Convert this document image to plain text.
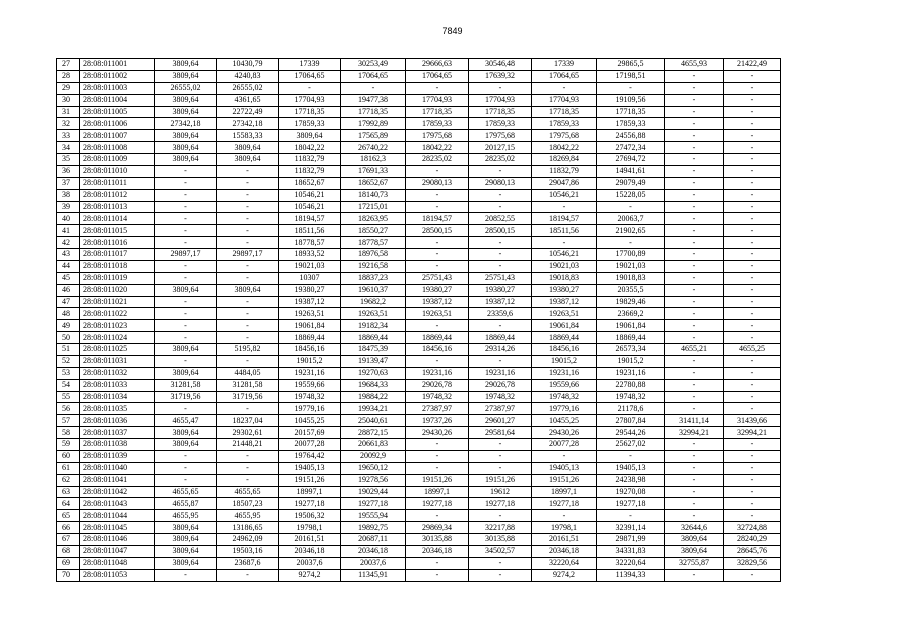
7849
27	28:08:011001	3809,64	10430,79	17339	30253,49	29666,63	30546,48	17339	29865,5	4655,93	21422,49
28	28:08:011002	3809,64	4240,83	17064,65	17064,65	17064,65	17639,32	17064,65	17198,51	-	-
29	28:08:011003	26555,02	26555,02	-	-	-	-	-	-	-	-
30	28:08:011004	3809,64	4361,65	17704,93	19477,38	17704,93	17704,93	17704,93	19109,56	-	-
31	28:08:011005	3809,64	22722,49	17718,35	17718,35	17718,35	17718,35	17718,35	17718,35	-	-
32	28:08:011006	27342,18	27342,18	17859,33	17992,89	17859,33	17859,33	17859,33	17859,33	-	-
33	28:08:011007	3809,64	15583,33	3809,64	17565,89	17975,68	17975,68	17975,68	24556,88	-	-
34	28:08:011008	3809,64	3809,64	18042,22	26740,22	18042,22	20127,15	18042,22	27472,34	-	-
35	28:08:011009	3809,64	3809,64	11832,79	18162,3	28235,02	28235,02	18269,84	27694,72	-	-
36	28:08:011010	-	-	11832,79	17691,33	-	-	11832,79	14941,61	-	-
37	28:08:011011	-	-	18652,67	18652,67	29080,13	29080,13	29047,86	29079,49	-	-
38	28:08:011012	-	-	10546,21	18140,73	-	-	10546,21	15228,05	-	-
39	28:08:011013	-	-	10546,21	17215,01	-	-	-	-	-	-
40	28:08:011014	-	-	18194,57	18263,95	18194,57	20852,55	18194,57	20063,7	-	-
41	28:08:011015	-	-	18511,56	18550,27	28500,15	28500,15	18511,56	21902,65	-	-
42	28:08:011016	-	-	18778,57	18778,57	-	-	-	-	-	-
43	28:08:011017	29897,17	29897,17	18933,52	18976,58	-	-	10546,21	17700,89	-	-
44	28:08:011018	-	-	19021,03	19216,58	-	-	19021,03	19021,03	-	-
45	28:08:011019	-	-	10307	18837,23	25751,43	25751,43	19018,83	19018,83	-	-
46	28:08:011020	3809,64	3809,64	19380,27	19610,37	19380,27	19380,27	19380,27	20355,5	-	-
47	28:08:011021	-	-	19387,12	19682,2	19387,12	19387,12	19387,12	19829,46	-	-
48	28:08:011022	-	-	19263,51	19263,51	19263,51	23359,6	19263,51	23669,2	-	-
49	28:08:011023	-	-	19061,84	19182,34	-	-	19061,84	19061,84	-	-
50	28:08:011024	-	-	18869,44	18869,44	18869,44	18869,44	18869,44	18869,44	-	-
51	28:08:011025	3809,64	5195,82	18456,16	18475,39	18456,16	29314,26	18456,16	26573,34	4655,21	4655,25
52	28:08:011031	-	-	19015,2	19139,47	-	-	19015,2	19015,2	-	-
53	28:08:011032	3809,64	4484,05	19231,16	19270,63	19231,16	19231,16	19231,16	19231,16	-	-
54	28:08:011033	31281,58	31281,58	19559,66	19684,33	29026,78	29026,78	19559,66	22780,88	-	-
55	28:08:011034	31719,56	31719,56	19748,32	19884,22	19748,32	19748,32	19748,32	19748,32	-	-
56	28:08:011035	-	-	19779,16	19934,21	27387,97	27387,97	19779,16	21178,6	-	-
57	28:08:011036	4655,47	18237,04	10455,25	25040,61	19737,26	29601,27	10455,25	27807,84	31411,14	31439,66
58	28:08:011037	3809,64	29302,61	20157,69	28872,15	29430,26	29581,64	29430,26	29544,26	32994,21	32994,21
59	28:08:011038	3809,64	21448,21	20077,28	20661,83	-	-	20077,28	25627,02	-	-
60	28:08:011039	-	-	19764,42	20092,9	-	-	-	-	-	-
61	28:08:011040	-	-	19405,13	19650,12	-	-	19405,13	19405,13	-	-
62	28:08:011041	-	-	19151,26	19278,56	19151,26	19151,26	19151,26	24238,98	-	-
63	28:08:011042	4655,65	4655,65	18997,1	19029,44	18997,1	19612	18997,1	19270,08	-	-
64	28:08:011043	4655,87	18507,23	19277,18	19277,18	19277,18	19277,18	19277,18	19277,18	-	-
65	28:08:011044	4655,95	4655,95	19506,32	19555,94	-	-	-	-	-	-
66	28:08:011045	3809,64	13186,65	19798,1	19892,75	29869,34	32217,88	19798,1	32391,14	32644,6	32724,88
67	28:08:011046	3809,64	24962,09	20161,51	20687,11	30135,88	30135,88	20161,51	29871,99	3809,64	28240,29
68	28:08:011047	3809,64	19503,16	20346,18	20346,18	20346,18	34502,57	20346,18	34331,83	3809,64	28645,76
69	28:08:011048	3809,64	23687,6	20037,6	20037,6	-	-	32220,64	32220,64	32755,87	32829,56
70	28:08:011053	-	-	9274,2	11345,91	-	-	9274,2	11394,33	-	-
